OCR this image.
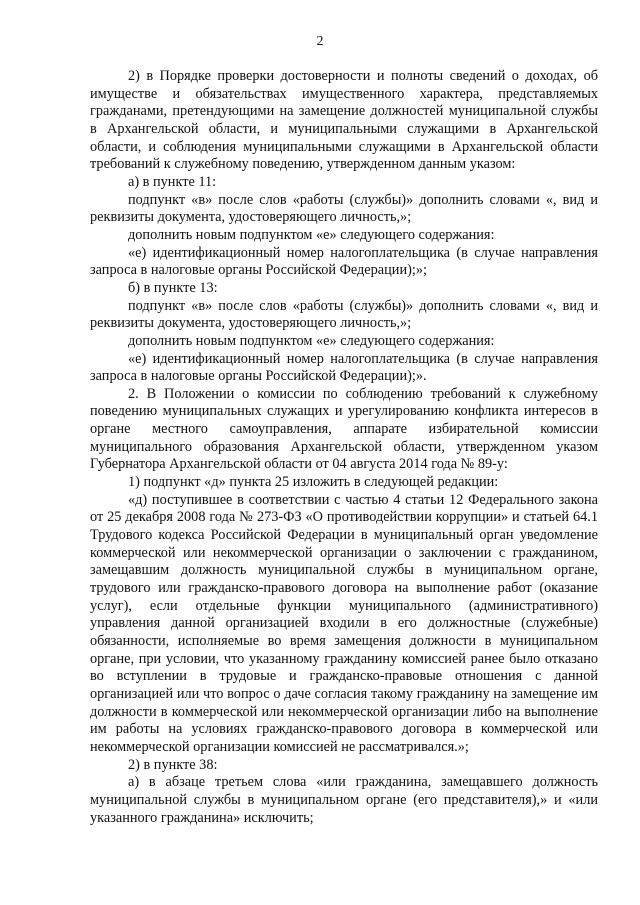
2

2) в Порядке проверки достоверности и полноты сведений о доходах, об имуществе и обязательствах имущественного характера, представляемых гражданами, претендующими на замещение должностей муниципальной службы в Архангельской области, и муниципальными служащими в Архангельской области, и соблюдения муниципальными служащими в Архангельской области требований к служебному поведению, утвержденном данным указом:

а) в пункте 11:

подпункт «в» после слов «работы (службы)» дополнить словами «, вид и реквизиты документа, удостоверяющего личность,»;

дополнить новым подпунктом «е» следующего содержания:

«е) идентификационный номер налогоплательщика (в случае направления запроса в налоговые органы Российской Федерации);»;

б) в пункте 13:

подпункт «в» после слов «работы (службы)» дополнить словами «, вид и реквизиты документа, удостоверяющего личность,»;

дополнить новым подпунктом «е» следующего содержания:

«е) идентификационный номер налогоплательщика (в случае направления запроса в налоговые органы Российской Федерации);».

2. В Положении о комиссии по соблюдению требований к служебному поведению муниципальных служащих и урегулированию конфликта интересов в органе местного самоуправления, аппарате избирательной комиссии муниципального образования Архангельской области, утвержденном указом Губернатора Архангельской области от 04 августа 2014 года № 89-у:

1) подпункт «д» пункта 25 изложить в следующей редакции:

«д) поступившее в соответствии с частью 4 статьи 12 Федерального закона от 25 декабря 2008 года № 273-ФЗ «О противодействии коррупции» и статьей 64.1 Трудового кодекса Российской Федерации в муниципальный орган уведомление коммерческой или некоммерческой организации о заключении с гражданином, замещавшим должность муниципальной службы в муниципальном органе, трудового или гражданско-правового договора на выполнение работ (оказание услуг), если отдельные функции муниципального (административного) управления данной организацией входили в его должностные (служебные) обязанности, исполняемые во время замещения должности в муниципальном органе, при условии, что указанному гражданину комиссией ранее было отказано во вступлении в трудовые и гражданско-правовые отношения с данной организацией или что вопрос о даче согласия такому гражданину на замещение им должности в коммерческой или некоммерческой организации либо на выполнение им работы на условиях гражданско-правового договора в коммерческой или некоммерческой организации комиссией не рассматривался.»;

2) в пункте 38:

а) в абзаце третьем слова «или гражданина, замещавшего должность муниципальной службы в муниципальном органе (его представителя),» и «или указанного гражданина» исключить;
